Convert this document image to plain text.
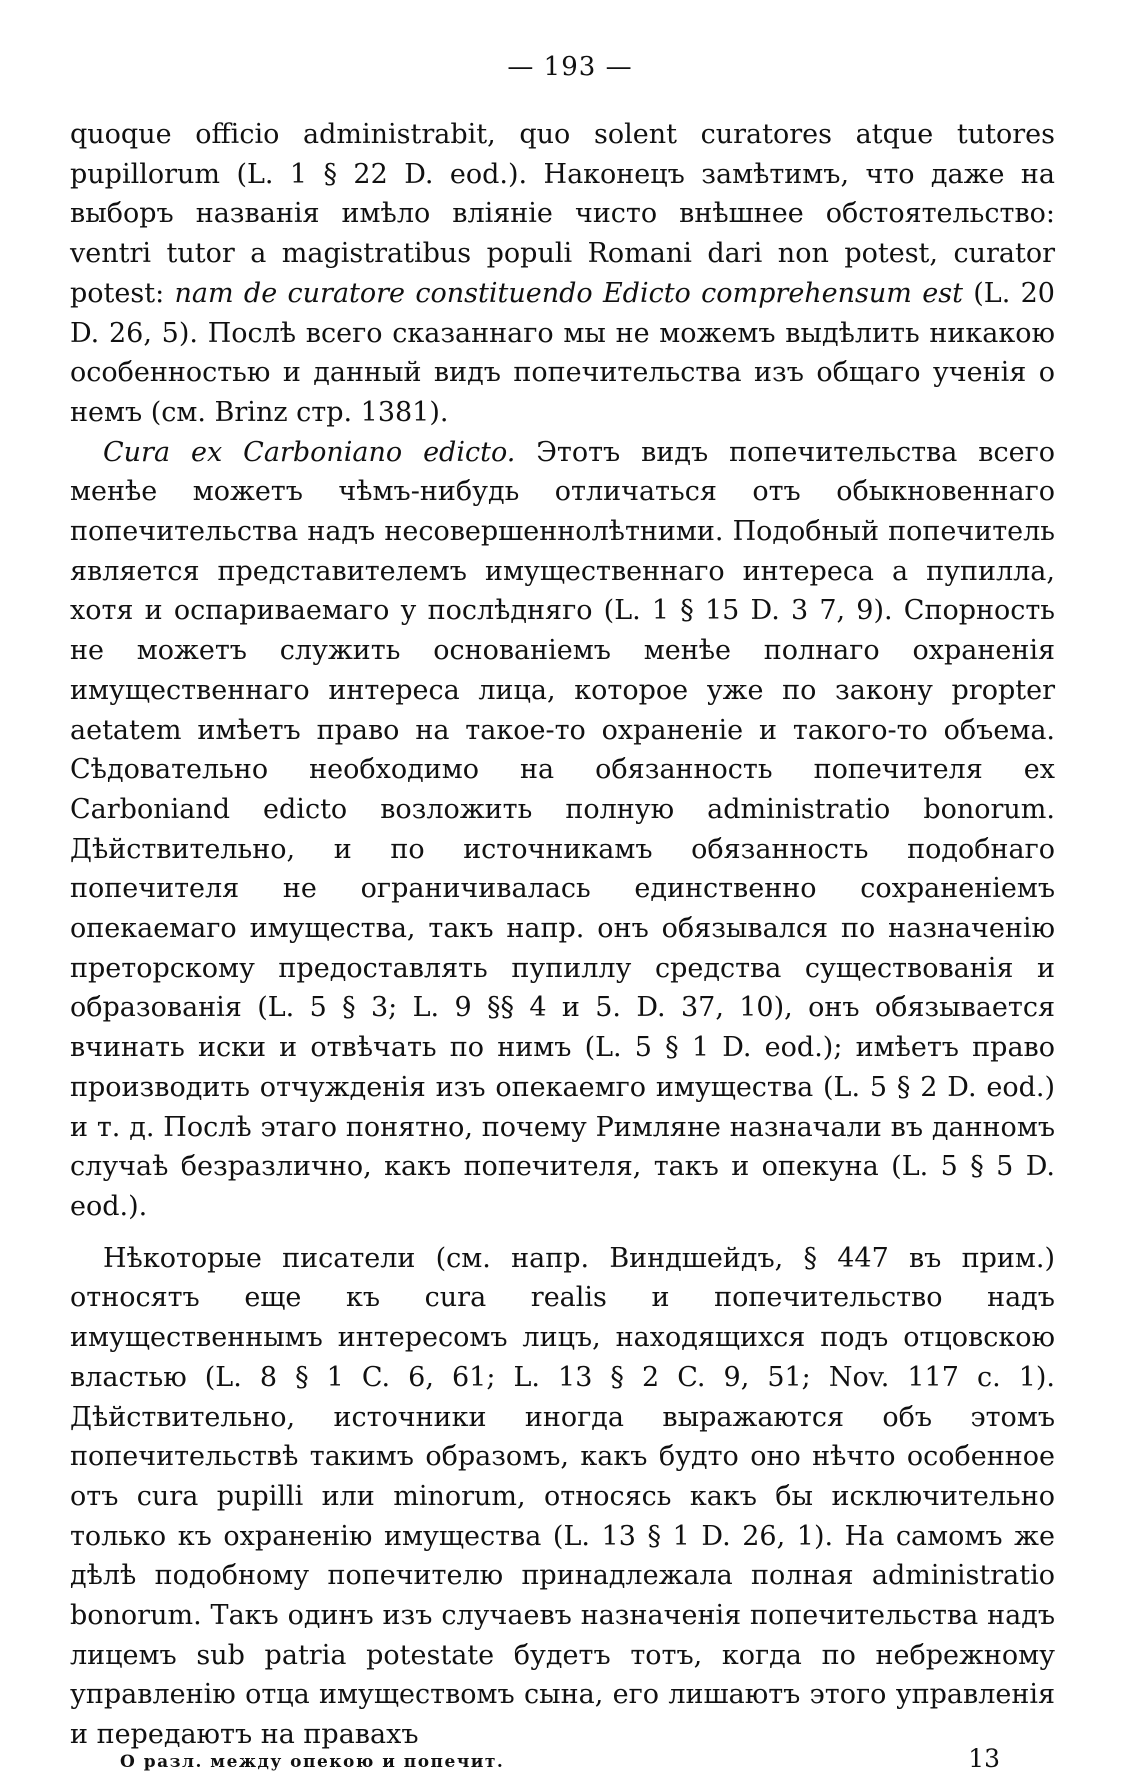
— 193 —

quoque officio administrabit, quo solent curatores atque tutores pupillorum (L. 1 § 22 D. eod.). Наконецъ замѣтимъ, что даже на выборъ названія имѣло вліяніе чисто внѣшнее обстоятельство: ventri tutor a magistratibus populi Romani dari non potest, curator potest: nam de curatore constituendo Edicto comprehensum est (L. 20 D. 26, 5). Послѣ всего сказаннаго мы не можемъ выдѣлить никакою особенностью и данный видъ попечительства изъ общаго ученія о немъ (см. Brinz стр. 1381).

Cura ex Carboniano edicto. Этотъ видъ попечительства всего менѣе можетъ чѣмъ-нибудь отличаться отъ обыкновеннаго попечительства надъ несовершеннолѣтними. Подобный попечитель является представителемъ имущественнаго интереса а пупилла, хотя и оспариваемаго у послѣдняго (L. 1 § 15 D. 3 7, 9). Спорность не можетъ служить основаніемъ менѣе полнаго охраненія имущественнаго интереса лица, которое уже по закону propter aetatem имѣетъ право на такое-то охраненіе и такого-то объема. Сѣдовательно необходимо на обязанность попечителя ex Carboniand edicto возложить полную administratio bonorum. Дѣйствительно, и по источникамъ обязанность подобнаго попечителя не ограничивалась единственно сохраненіемъ опекаемаго имущества, такъ напр. онъ обязывался по назначенію преторскому предоставлять пупиллу средства существованія и образованія (L. 5 § 3; L. 9 §§ 4 и 5. D. 37, 10), онъ обязывается вчинать иски и отвѣчать по нимъ (L. 5 § 1 D. eod.); имѣетъ право производить отчужденія изъ опекаемго имущества (L. 5 § 2 D. eod.) и т. д. Послѣ этаго понятно, почему Римляне назначали въ данномъ случаѣ безразлично, какъ попечителя, такъ и опекуна (L. 5 § 5 D. eod.).

Нѣкоторые писатели (см. напр. Виндшейдъ, § 447 въ прим.) относятъ еще къ cura realis и попечительство надъ имущественнымъ интересомъ лицъ, находящихся подъ отцовскою властью (L. 8 § 1 C. 6, 61; L. 13 § 2 C. 9, 51; Nov. 117 c. 1). Дѣйствительно, источники иногда выражаются объ этомъ попечительствѣ такимъ образомъ, какъ будто оно нѣчто особенное отъ cura pupilli или minorum, относясь какъ бы исключительно только къ охраненію имущества (L. 13 § 1 D. 26, 1). На самомъ же дѣлѣ подобному попечителю принадлежала полная administratio bonorum. Такъ одинъ изъ случаевъ назначенія попечительства надъ лицемъ sub patria potestate будетъ тотъ, когда по небрежному управленію отца имуществомъ сына, его лишаютъ этого управленія и передаютъ на правахъ

О разл. между опекою и попечит.	13
